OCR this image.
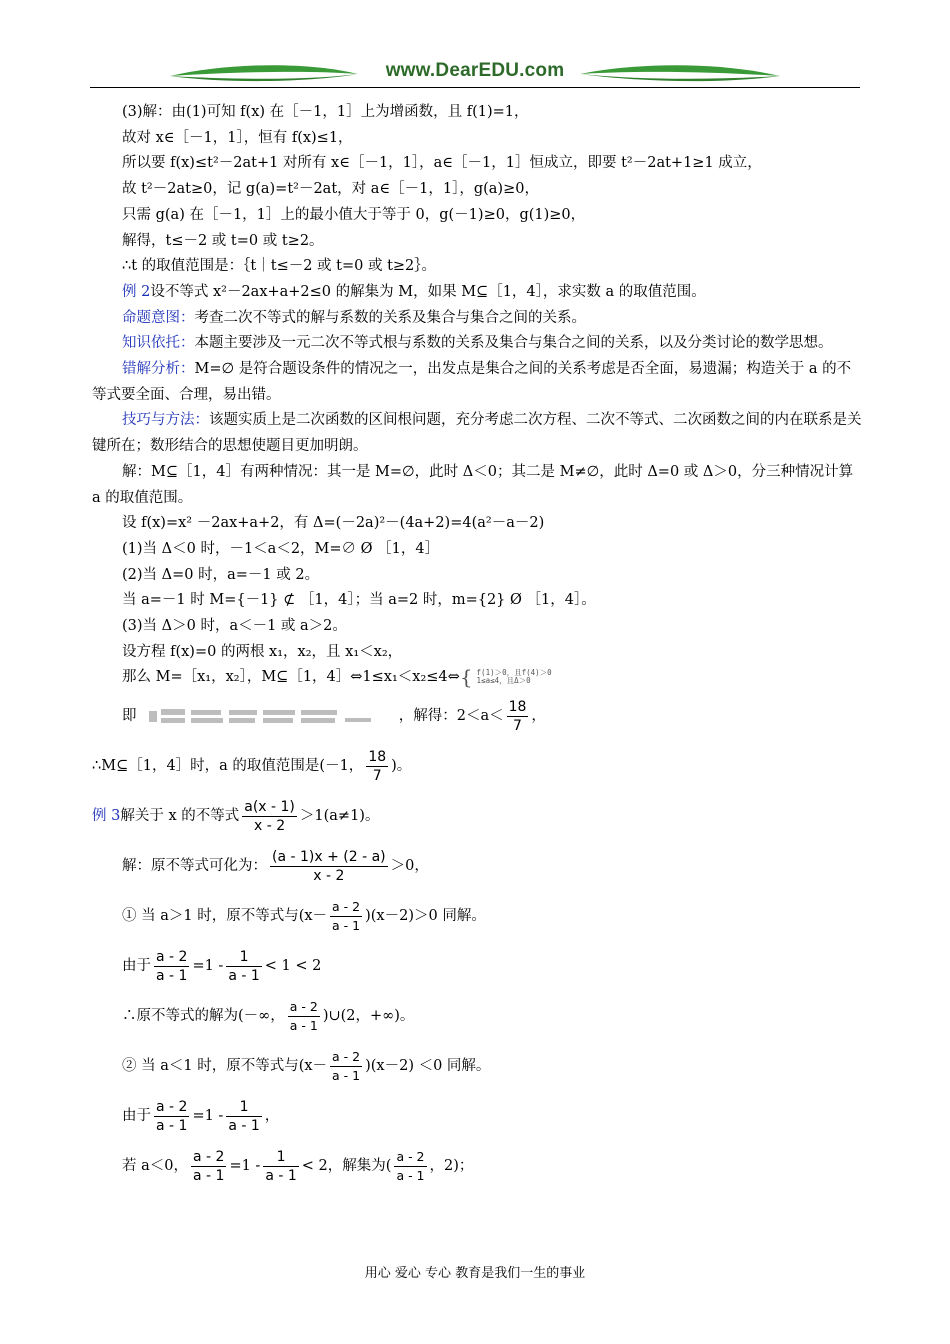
www.DearEDU.com

(3)解：由(1)可知 f(x) 在［－1，1］上为增函数，且 f(1)=1，

故对 x∈［－1，1］，恒有 f(x)≤1，

所以要 f(x)≤t²－2at+1 对所有 x∈［－1，1］，a∈［－1，1］恒成立，即要 t²－2at+1≥1 成立，

故 t²－2at≥0，记 g(a)=t²－2at，对 a∈［－1，1］，g(a)≥0，

只需 g(a) 在［－1，1］上的最小值大于等于 0，g(－1)≥0，g(1)≥0，

解得，t≤－2 或 t=0 或 t≥2。

∴t 的取值范围是：｛t｜t≤－2 或 t=0 或 t≥2｝。

例 2设不等式 x²－2ax+a+2≤0 的解集为 M，如果 M⊆［1，4］，求实数 a 的取值范围。

命题意图：考查二次不等式的解与系数的关系及集合与集合之间的关系。

知识依托：本题主要涉及一元二次不等式根与系数的关系及集合与集合之间的关系，以及分类讨论的数学思想。

错解分析：M=∅ 是符合题设条件的情况之一，出发点是集合之间的关系考虑是否全面，易遗漏；构造关于 a 的不等式要全面、合理，易出错。

技巧与方法：该题实质上是二次函数的区间根问题，充分考虑二次方程、二次不等式、二次函数之间的内在联系是关键所在；数形结合的思想使题目更加明朗。

解：M⊆［1，4］有两种情况：其一是 M=∅，此时 Δ＜0；其二是 M≠∅，此时 Δ=0 或 Δ＞0，分三种情况计算 a 的取值范围。

设 f(x)=x² －2ax+a+2，有 Δ=(－2a)²－(4a+2)=4(a²－a－2)

(1)当 Δ＜0 时，－1＜a＜2，M=∅ Ø ［1，4］

(2)当 Δ=0 时，a=－1 或 2。

当 a=－1 时 M={－1} ⊄ ［1，4］；当 a=2 时，m={2} Ø ［1，4］。

(3)当 Δ＞0 时，a＜－1 或 a＞2。

设方程 f(x)=0 的两根 x₁，x₂，且 x₁＜x₂，

那么 M=［x₁，x₂］，M⊆［1，4］⇔1≤x₁＜x₂≤4⇔{ f(1)＞0，且f(4)＞0
1≤a≤4，且Δ＞0

即	，解得：$2<a< \frac{18}{7}$ ，

∴M⊆［1，4］时，a 的取值范围是(－1， $\frac{18}{7}$ )。

例 3解关于 x 的不等式 $\frac{a(x - 1)}{x - 2} >1(a\ne 1)$。

解：原不等式可化为： $\frac{(a - 1)x + (2 - a)}{x - 2} >0$，

① 当 a＞1 时，原不等式与$(x- \frac{a - 2}{a - 1} )(x-2)>0$ 同解。

由于 $\frac{a - 2}{a - 1} =1 - \frac{1}{a - 1} < 1 < 2$

∴原不等式的解为(－∞， $\frac{a - 2}{a - 1}$ )∪(2，+∞)。

② 当 a＜1 时，原不等式与$(x- \frac{a - 2}{a - 1} )(x-2) <0$ 同解。

由于 $\frac{a - 2}{a - 1} =1 - \frac{1}{a - 1}$ ，

若 a＜0， $\frac{a - 2}{a - 1} =1 - \frac{1}{a - 1} < 2$，解集为( $\frac{a - 2}{a - 1}$ ，2)；

用心 爱心 专心 教育是我们一生的事业
